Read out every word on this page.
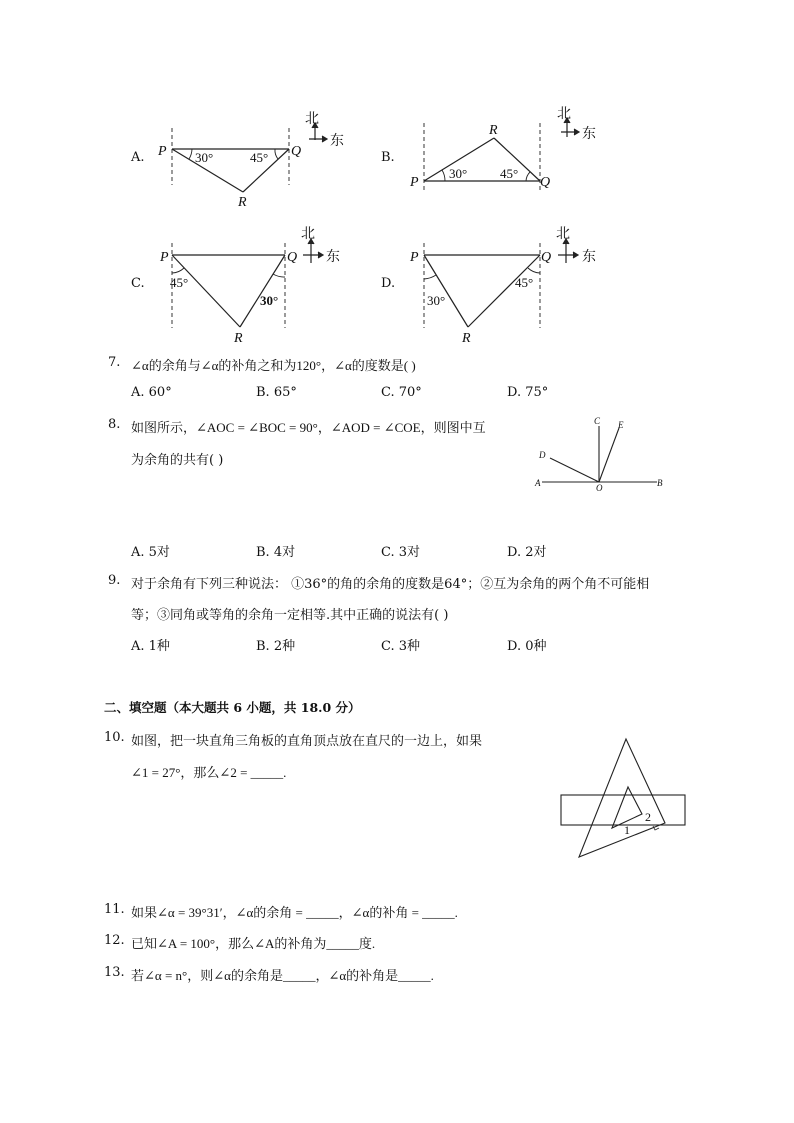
A.	B.
C.	D.
P	Q
R
P	Q
R
P	Q
R
P	Q
R
30°	45°
30°	45°
45°
30°	30°
45°
北
东
北
东
北
东
北
东
7. ∠α的余角与∠α的补角之和为120°，∠α的度数是( )
A. 60°	B. 65°	C. 70°	D. 75°
8. 如图所示，∠AOC = ∠BOC = 90°，∠AOD = ∠COE，则图中互
为余角的共有( )
A	B
C E
D
O
A. 5对	B. 4对	C. 3对	D. 2对
9. 对于余角有下列三种说法： ①36°的角的余角的度数是64°；②互为余角的两个角不可能相
等；③同角或等角的余角一定相等.其中正确的说法有( )
A. 1种	B. 2种	C. 3种	D. 0种
二、填空题（本大题共 6 小题，共 18.0 分）
10. 如图，把一块直角三角板的直角顶点放在直尺的一边上，如果
∠1 = 27°，那么∠2 = _____.
1
2
11. 如果∠α = 39°31′，∠α的余角 = _____，∠α的补角 = _____.
12. 已知∠A = 100°，那么∠A的补角为_____度.
13. 若∠α = n°，则∠α的余角是_____，∠α的补角是_____.
